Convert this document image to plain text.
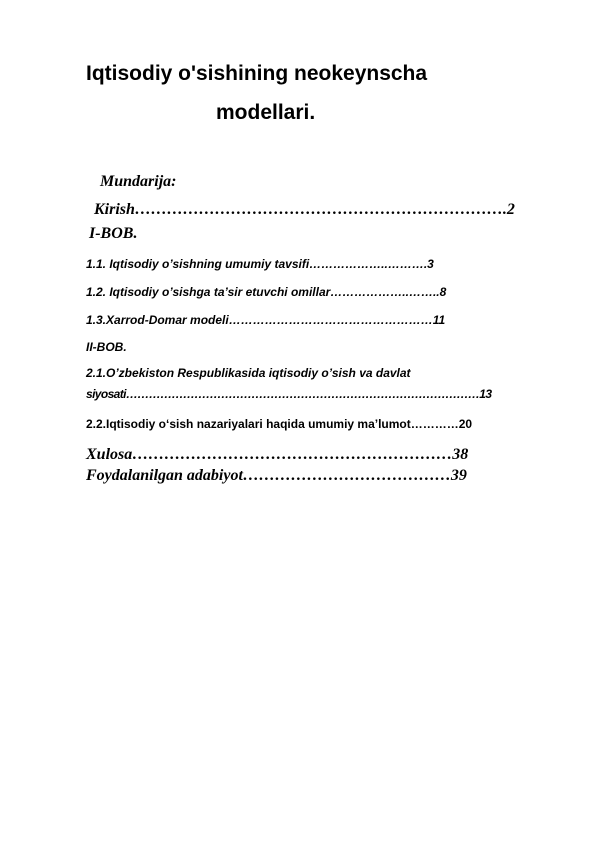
Iqtisodiy o'sishining neokeynscha
modellari.
Mundarija:
Kirish…………………………………………………………….2
I-BOB.
1.1. Iqtisodiy o’sishning umumiy tavsifi………………..……….3
1.2. Iqtisodiy o’sishga ta’sir etuvchi omillar………………..……..8
1.3.Xarrod-Domar modeli……………………………………………11
II-BOB.
2.1.O’zbekiston Respublikasida iqtisodiy o’sish va davlat
siyosati…………………………………………………………………………………13
2.2.Iqtisodiy o‘sish nazariyalari haqida umumiy ma’lumot…………20
Xulosa……………………………………………………38
Foydalanilgan adabiyot…………………………………39
